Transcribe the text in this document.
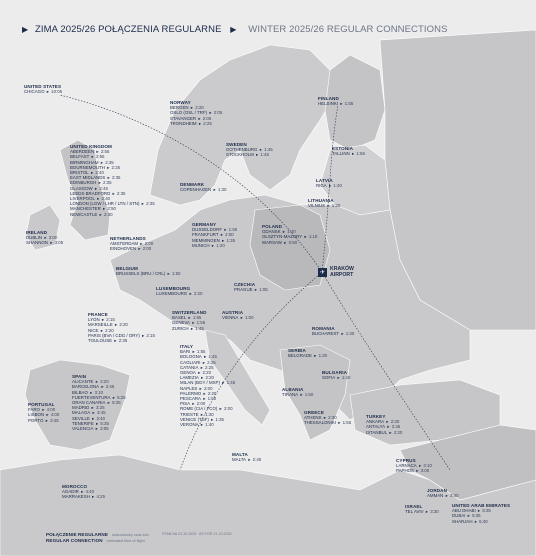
▶ ZIMA 2025/26 POŁĄCZENIA REGULARNE ▶ WINTER 2025/26 REGULAR CONNECTIONS
✈
KRAKÓW
AIRPORT
UNITED STATES
CHICAGO ▸ 10:05
FINLAND
HELSINKI ▸ 1:55
NORWAY
BERGEN ▸ 2:20
OSLO (OSL / TRF) ▸ 2:05
STAVANGER ▸ 2:05
TRONDHEIM ▸ 2:25
SWEDEN
GOTHENBURG ▸ 1:45
STOCKHOLM ▸ 1:45
ESTONIA
TALLINN ▸ 1:55
LATVIA
RIGA ▸ 1:40
LITHUANIA
VILNIUS ▸ 1:20
UNITED KINGDOM
ABERDEEN ▸ 2:55
BELFAST ▸ 2:55
BIRMINGHAM ▸ 2:35
BOURNEMOUTH ▸ 2:25
BRISTOL ▸ 2:40
EAST MIDLANDS ▸ 2:35
EDINBURGH ▸ 2:35
GLASGOW ▸ 2:45
LEEDS BRADFORD ▸ 2:35
LIVERPOOL ▸ 2:40
LONDON (LGW / LHR / LTN / STN) ▸ 2:35
MANCHESTER ▸ 2:50
NEWCASTLE ▸ 2:30
DENMARK
COPENHAGEN ▸ 1:30
IRELAND
DUBLIN ▸ 3:00
SHANNON ▸ 3:05
GERMANY
DUSSELDORF ▸ 1:50
FRANKFURT ▸ 2:00
MEMMINGEN ▸ 1:35
MUNICH ▸ 1:20
POLAND
GDANSK ▸ 1:20
OLSZTYN-MAZURY ▸ 1:10
WARSAW ▸ 0:50
NETHERLANDS
AMSTERDAM ▸ 2:00
EINDHOVEN ▸ 2:00
BELGIUM
BRUSSELS (BRU / CRL) ▸ 1:50
LUXEMBOURG
LUXEMBOURG ▸ 2:20
CZECHIA
PRAGUE ▸ 1:05
AUSTRIA
VIENNA ▸ 1:00
SWITZERLAND
BASEL ▸ 1:55
GENEVA ▸ 1:55
ZURICH ▸ 1:45
FRANCE
LYON ▸ 2:15
MARSEILLE ▸ 2:20
NICE ▸ 2:20
PARIS (BVA / CDG / ORY) ▸ 2:15
TOULOUSE ▸ 2:35
ROMANIA
BUCHAREST ▸ 1:30
ITALY
BARI ▸ 1:55
BOLOGNA ▸ 1:45
CAGLIARI ▸ 2:25
CATANIA ▸ 2:25
GENOA ▸ 2:20
LAMEZIA ▸ 2:20
MILAN (BGY / MXP) ▸ 1:45
NAPLES ▸ 2:00
PALERMO ▸ 2:20
PESCARA ▸ 1:50
PISA ▸ 2:00
ROME (CIA / FCO) ▸ 2:00
TRIESTE ▸ 1:30
VENICE (TSF) ▸ 1:35
VERONA ▸ 1:40
SERBIA
BELGRADE ▸ 1:20
BULGARIA
SOFIA ▸ 1:40
SPAIN
ALICANTE ▸ 3:20
BARCELONA ▸ 2:45
BILBAO ▸ 3:10
FUERTEVENTURA ▸ 5:25
GRAN CANARIA ▸ 5:35
MADRID ▸ 3:25
MALAGA ▸ 3:45
SEVILLE ▸ 3:40
TENERIFE ▸ 5:35
VALENCIA ▸ 3:05
PORTUGAL
FARO ▸ 4:00
LISBON ▸ 4:00
PORTO ▸ 3:45
ALBANIA
TIRANA ▸ 1:50
GREECE
ATHENS ▸ 2:30
THESSALONIKI ▸ 1:55
TURKEY
ANKARA ▸ 2:30
ANTALYA ▸ 2:45
ISTANBUL ▸ 2:20
MALTA
MALTA ▸ 2:40	CYPRUS
LARNACA ▸ 3:10
PAPHOS ▸ 3:00
MOROCCO
AGADIR ▸ 4:40
MARRAKESH ▸ 4:25
JORDAN
AMMAN ▸ 3:40
ISRAEL
TEL AVIV ▸ 3:30
UNITED ARAB EMIRATES
ABU DHABI ▸ 5:35
DUBAI ▸ 5:35
SHARJAH ▸ 5:40
POŁĄCZENIE REGULARNE szacunkowy czas lotu
REGULAR CONNECTION estimated time of flight
STAN NA 21.10.2025 · AS FOR 21.10.2025
